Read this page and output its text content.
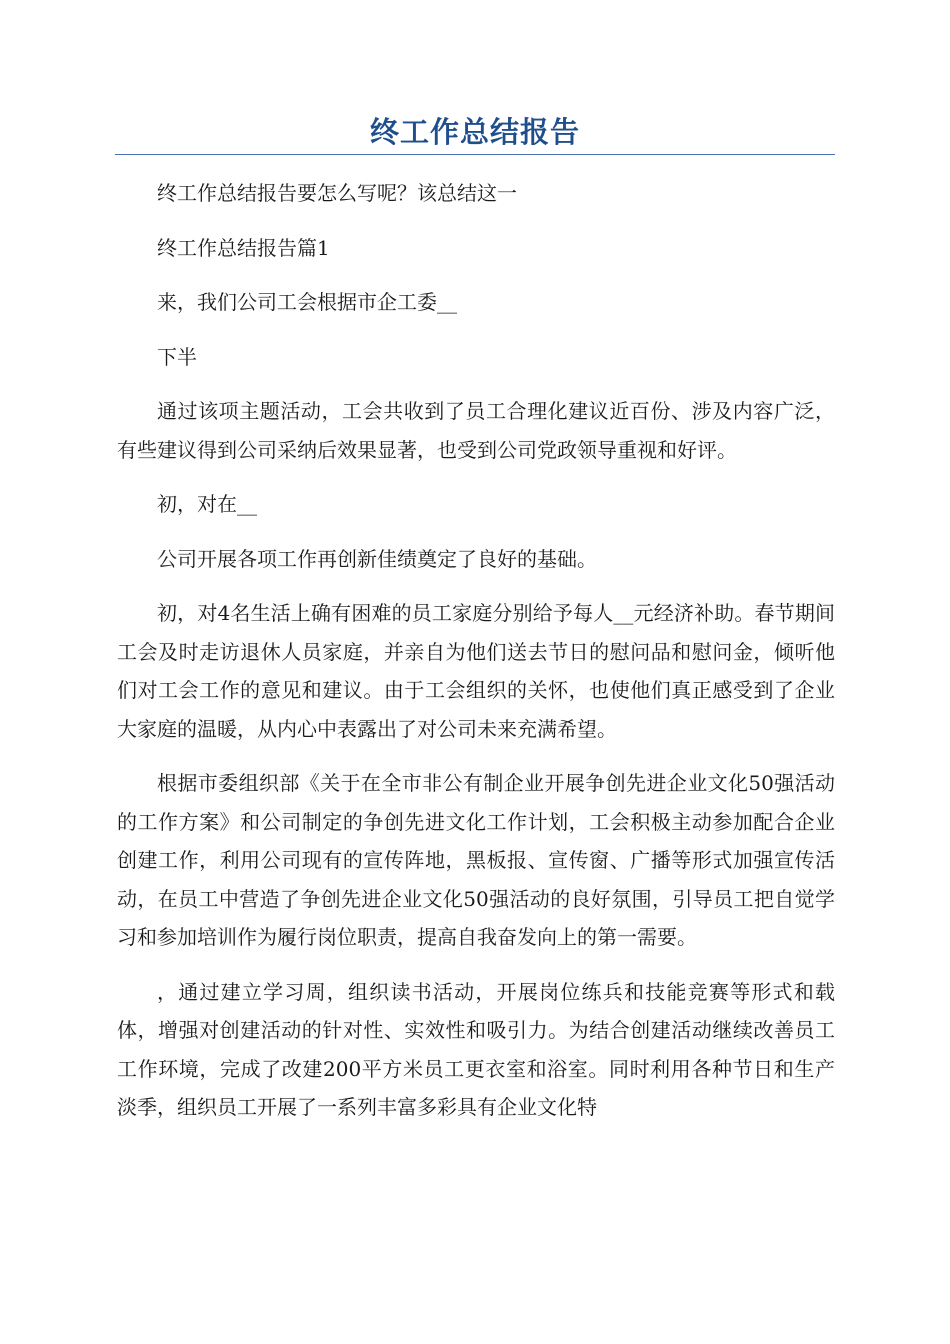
终工作总结报告

终工作总结报告要怎么写呢？该总结这一

终工作总结报告篇1

来，我们公司工会根据市企工委__

下半

通过该项主题活动，工会共收到了员工合理化建议近百份、涉及内容广泛，有些建议得到公司采纳后效果显著，也受到公司党政领导重视和好评。

初，对在__

公司开展各项工作再创新佳绩奠定了良好的基础。

初，对4名生活上确有困难的员工家庭分别给予每人__元经济补助。春节期间工会及时走访退休人员家庭，并亲自为他们送去节日的慰问品和慰问金，倾听他们对工会工作的意见和建议。由于工会组织的关怀，也使他们真正感受到了企业大家庭的温暖，从内心中表露出了对公司未来充满希望。

根据市委组织部《关于在全市非公有制企业开展争创先进企业文化50强活动的工作方案》和公司制定的争创先进文化工作计划，工会积极主动参加配合企业创建工作，利用公司现有的宣传阵地，黑板报、宣传窗、广播等形式加强宣传活动，在员工中营造了争创先进企业文化50强活动的良好氛围，引导员工把自觉学习和参加培训作为履行岗位职责，提高自我奋发向上的第一需要。

，通过建立学习周，组织读书活动，开展岗位练兵和技能竞赛等形式和载体，增强对创建活动的针对性、实效性和吸引力。为结合创建活动继续改善员工工作环境，完成了改建200平方米员工更衣室和浴室。同时利用各种节日和生产淡季，组织员工开展了一系列丰富多彩具有企业文化特
